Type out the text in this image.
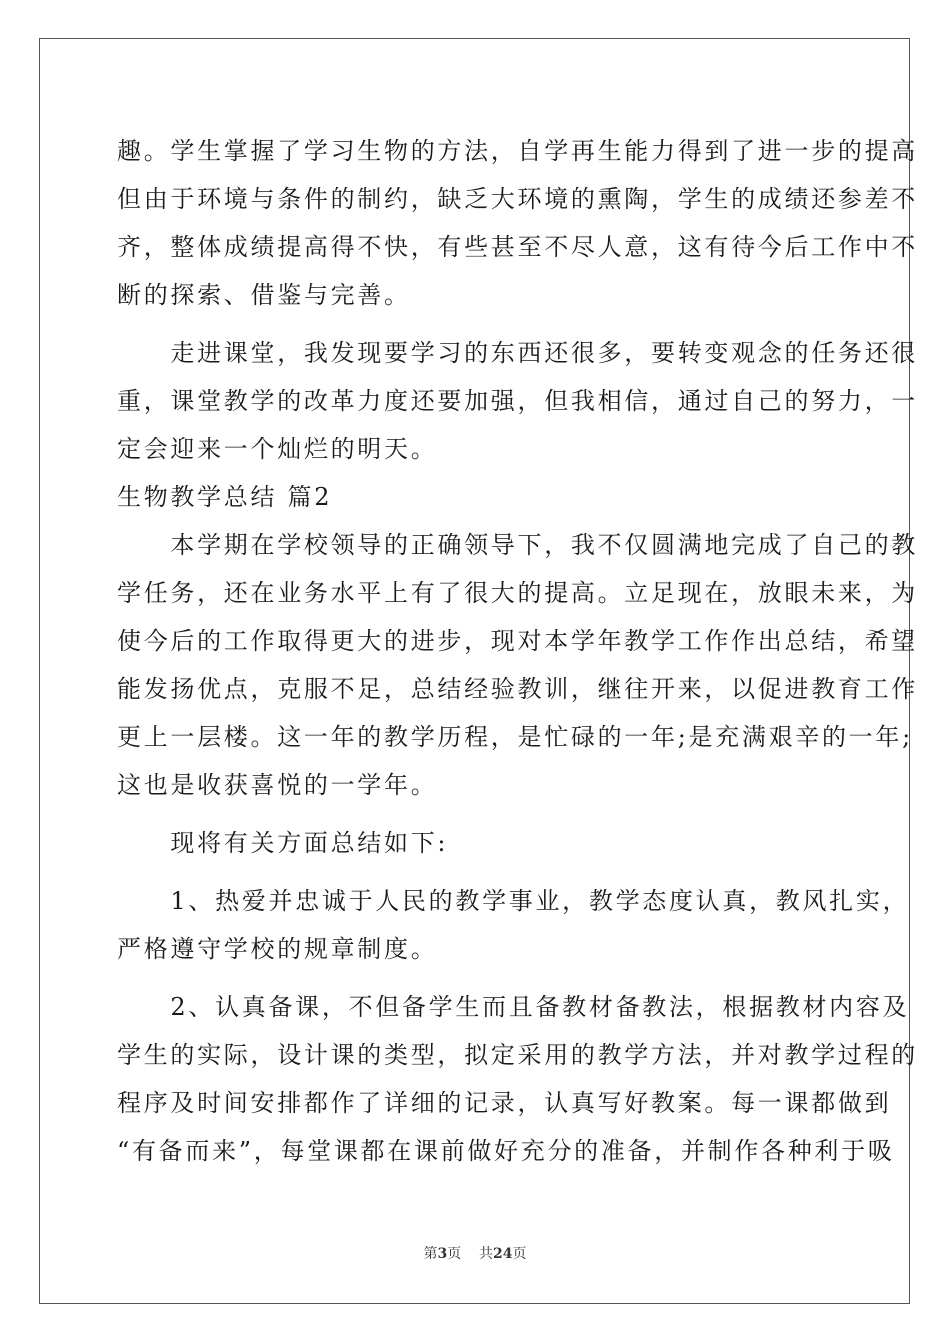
趣。学生掌握了学习生物的方法，自学再生能力得到了进一步的提高
但由于环境与条件的制约，缺乏大环境的熏陶，学生的成绩还参差不
齐，整体成绩提高得不快，有些甚至不尽人意，这有待今后工作中不
断的探索、借鉴与完善。
　　走进课堂，我发现要学习的东西还很多，要转变观念的任务还很
重，课堂教学的改革力度还要加强，但我相信，通过自己的努力，一
定会迎来一个灿烂的明天。
生物教学总结 篇2
　　本学期在学校领导的正确领导下，我不仅圆满地完成了自己的教
学任务，还在业务水平上有了很大的提高。立足现在，放眼未来，为
使今后的工作取得更大的进步，现对本学年教学工作作出总结，希望
能发扬优点，克服不足，总结经验教训，继往开来，以促进教育工作
更上一层楼。这一年的教学历程，是忙碌的一年;是充满艰辛的一年;
这也是收获喜悦的一学年。
　　现将有关方面总结如下:
　　1、热爱并忠诚于人民的教学事业，教学态度认真，教风扎实，
严格遵守学校的规章制度。
　　2、认真备课，不但备学生而且备教材备教法，根据教材内容及
学生的实际，设计课的类型，拟定采用的教学方法，并对教学过程的
程序及时间安排都作了详细的记录，认真写好教案。每一课都做到
“有备而来”，每堂课都在课前做好充分的准备，并制作各种利于吸
第3页 共24页
